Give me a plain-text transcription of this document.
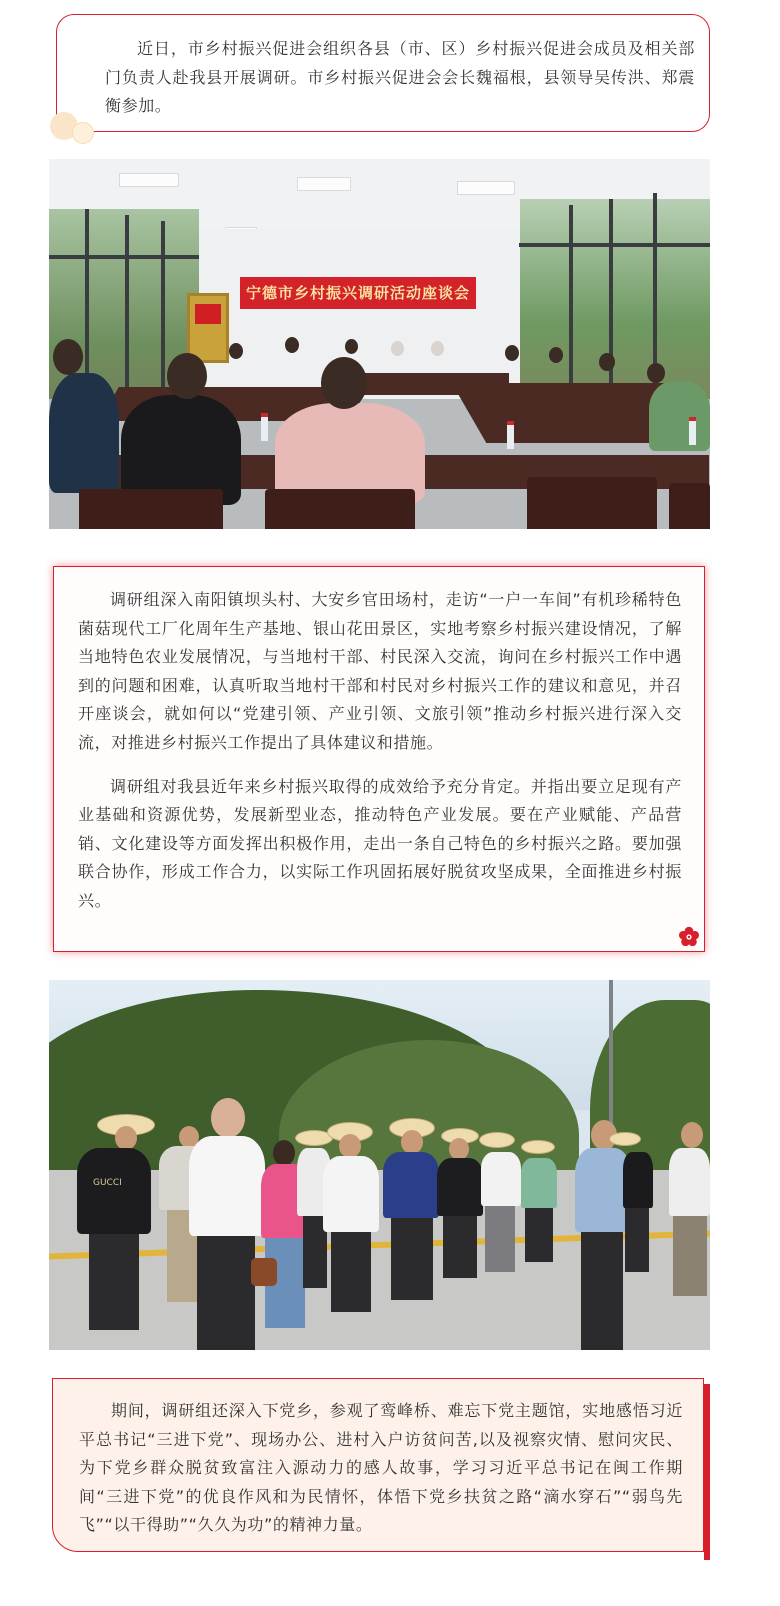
近日，市乡村振兴促进会组织各县（市、区）乡村振兴促进会成员及相关部门负责人赴我县开展调研。市乡村振兴促进会会长魏福根，县领导吴传洪、郑震衡参加。

宁德市乡村振兴调研活动座谈会

调研组深入南阳镇坝头村、大安乡官田场村，走访“一户一车间”有机珍稀特色菌菇现代工厂化周年生产基地、银山花田景区，实地考察乡村振兴建设情况，了解当地特色农业发展情况，与当地村干部、村民深入交流，询问在乡村振兴工作中遇到的问题和困难，认真听取当地村干部和村民对乡村振兴工作的建议和意见，并召开座谈会，就如何以“党建引领、产业引领、文旅引领”推动乡村振兴进行深入交流，对推进乡村振兴工作提出了具体建议和措施。

调研组对我县近年来乡村振兴取得的成效给予充分肯定。并指出要立足现有产业基础和资源优势，发展新型业态，推动特色产业发展。要在产业赋能、产品营销、文化建设等方面发挥出积极作用，走出一条自己特色的乡村振兴之路。要加强联合协作，形成工作合力，以实际工作巩固拓展好脱贫攻坚成果，全面推进乡村振兴。

GUCCI

期间，调研组还深入下党乡，参观了鸾峰桥、难忘下党主题馆，实地感悟习近平总书记“三进下党”、现场办公、进村入户访贫问苦,以及视察灾情、慰问灾民、为下党乡群众脱贫致富注入源动力的感人故事，学习习近平总书记在闽工作期间“三进下党”的优良作风和为民情怀，体悟下党乡扶贫之路“滴水穿石”“弱鸟先飞”“以干得助”“久久为功”的精神力量。
